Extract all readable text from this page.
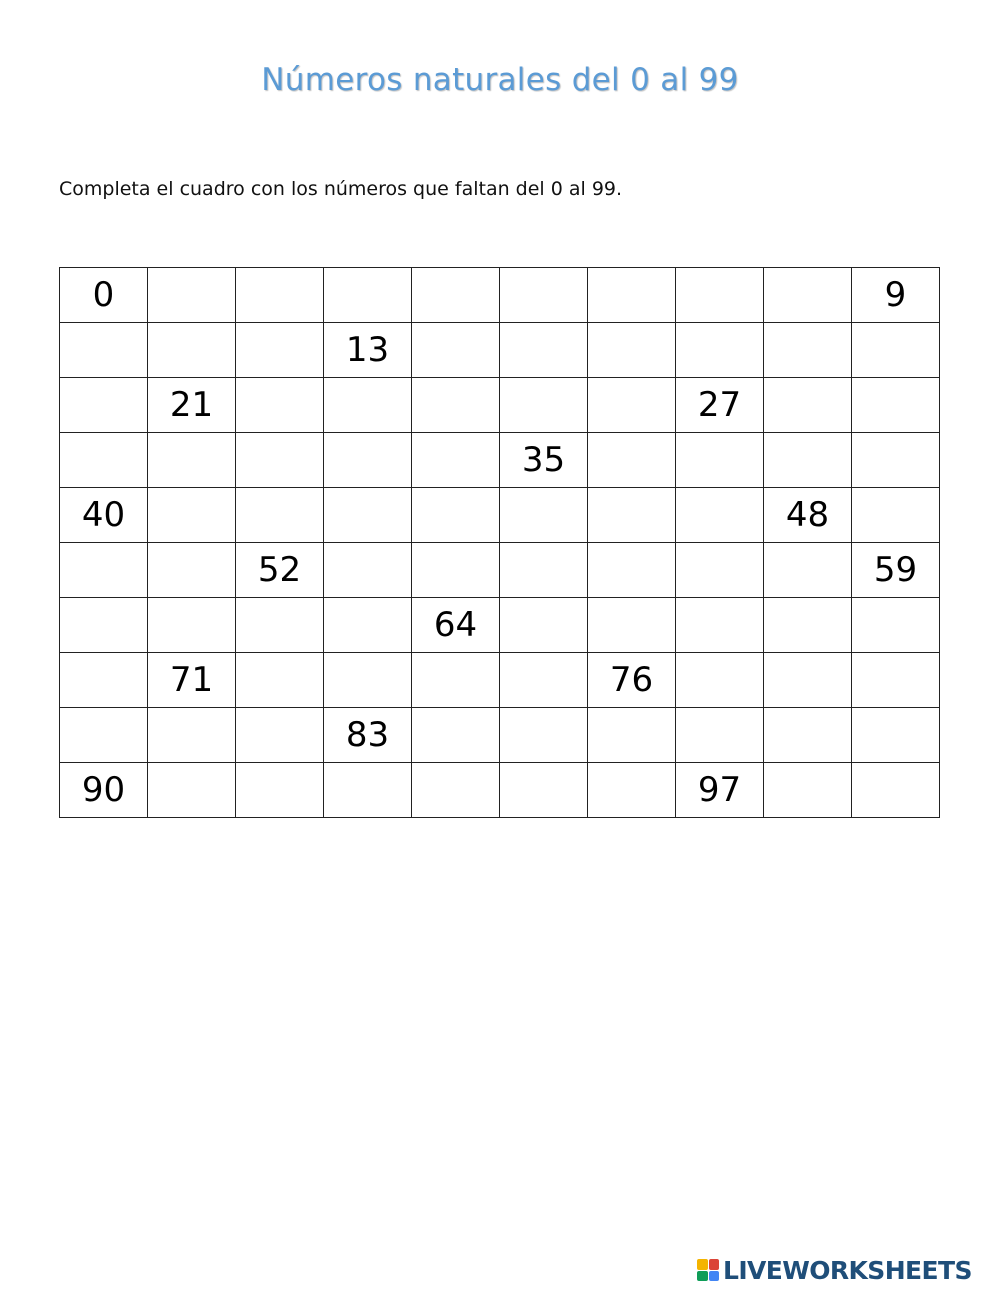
Números naturales del 0 al 99
Completa el cuadro con los números que faltan del 0 al 99.
0									9
			13						
	21						27		
					35				
40								48	
		52							59
				64					
	71					76			
			83						
90							97		
LIVEWORKSHEETS
